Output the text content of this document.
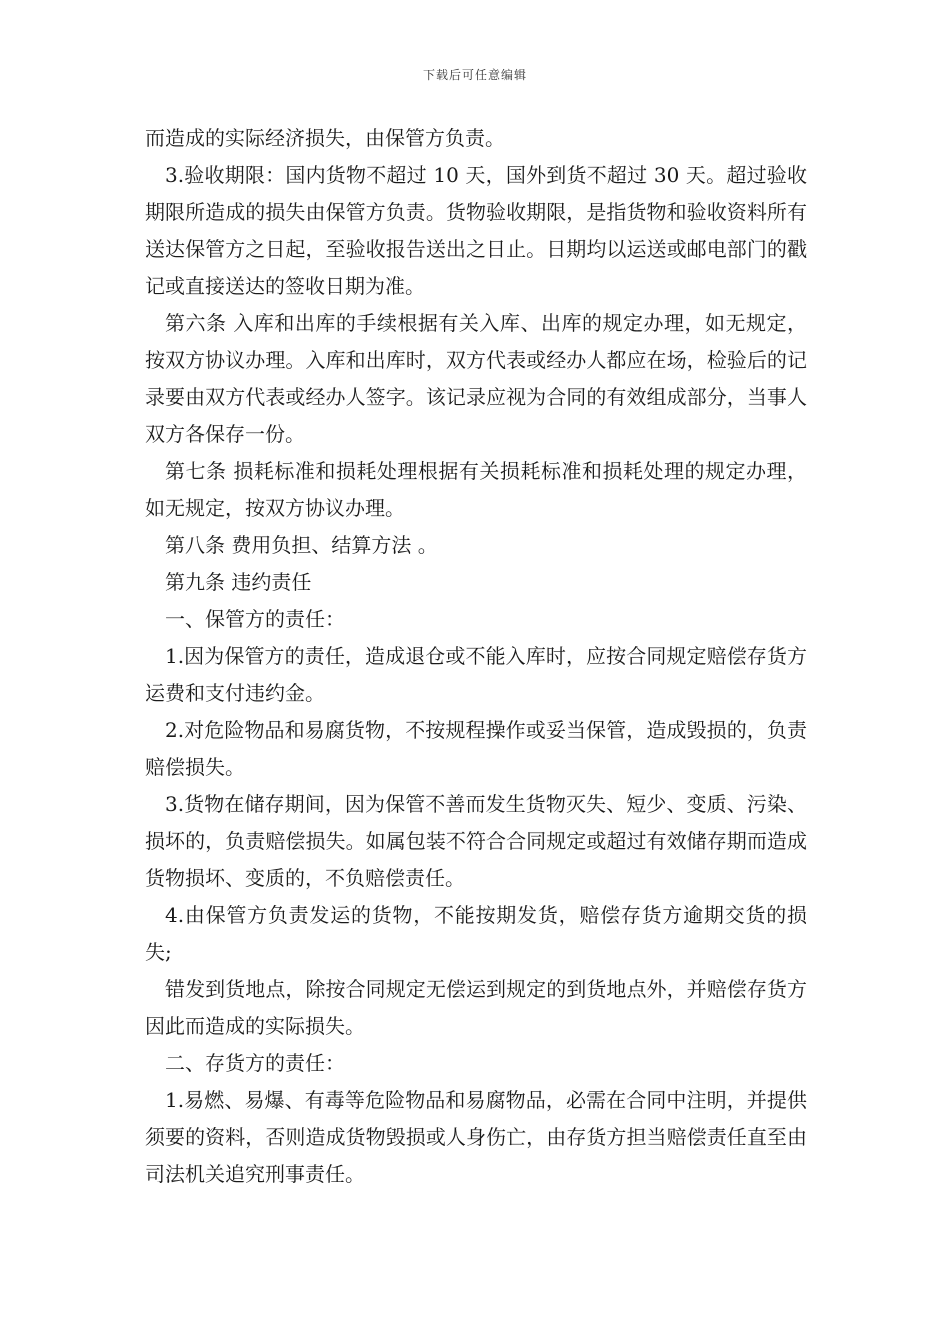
下载后可任意编辑

而造成的实际经济损失，由保管方负责。

3.验收期限：国内货物不超过 10 天，国外到货不超过 30 天。超过验收期限所造成的损失由保管方负责。货物验收期限，是指货物和验收资料所有送达保管方之日起，至验收报告送出之日止。日期均以运送或邮电部门的戳记或直接送达的签收日期为准。

第六条 入库和出库的手续根据有关入库、出库的规定办理，如无规定，按双方协议办理。入库和出库时，双方代表或经办人都应在场，检验后的记录要由双方代表或经办人签字。该记录应视为合同的有效组成部分，当事人双方各保存一份。

第七条 损耗标准和损耗处理根据有关损耗标准和损耗处理的规定办理，如无规定，按双方协议办理。

第八条 费用负担、结算方法 。

第九条 违约责任

一、保管方的责任：

1.因为保管方的责任，造成退仓或不能入库时，应按合同规定赔偿存货方运费和支付违约金。

2.对危险物品和易腐货物，不按规程操作或妥当保管，造成毁损的，负责赔偿损失。

3.货物在储存期间，因为保管不善而发生货物灭失、短少、变质、污染、损坏的，负责赔偿损失。如属包装不符合合同规定或超过有效储存期而造成货物损坏、变质的，不负赔偿责任。

4.由保管方负责发运的货物，不能按期发货，赔偿存货方逾期交货的损失;

错发到货地点，除按合同规定无偿运到规定的到货地点外，并赔偿存货方因此而造成的实际损失。

二、存货方的责任：

1.易燃、易爆、有毒等危险物品和易腐物品，必需在合同中注明，并提供须要的资料，否则造成货物毁损或人身伤亡，由存货方担当赔偿责任直至由司法机关追究刑事责任。
